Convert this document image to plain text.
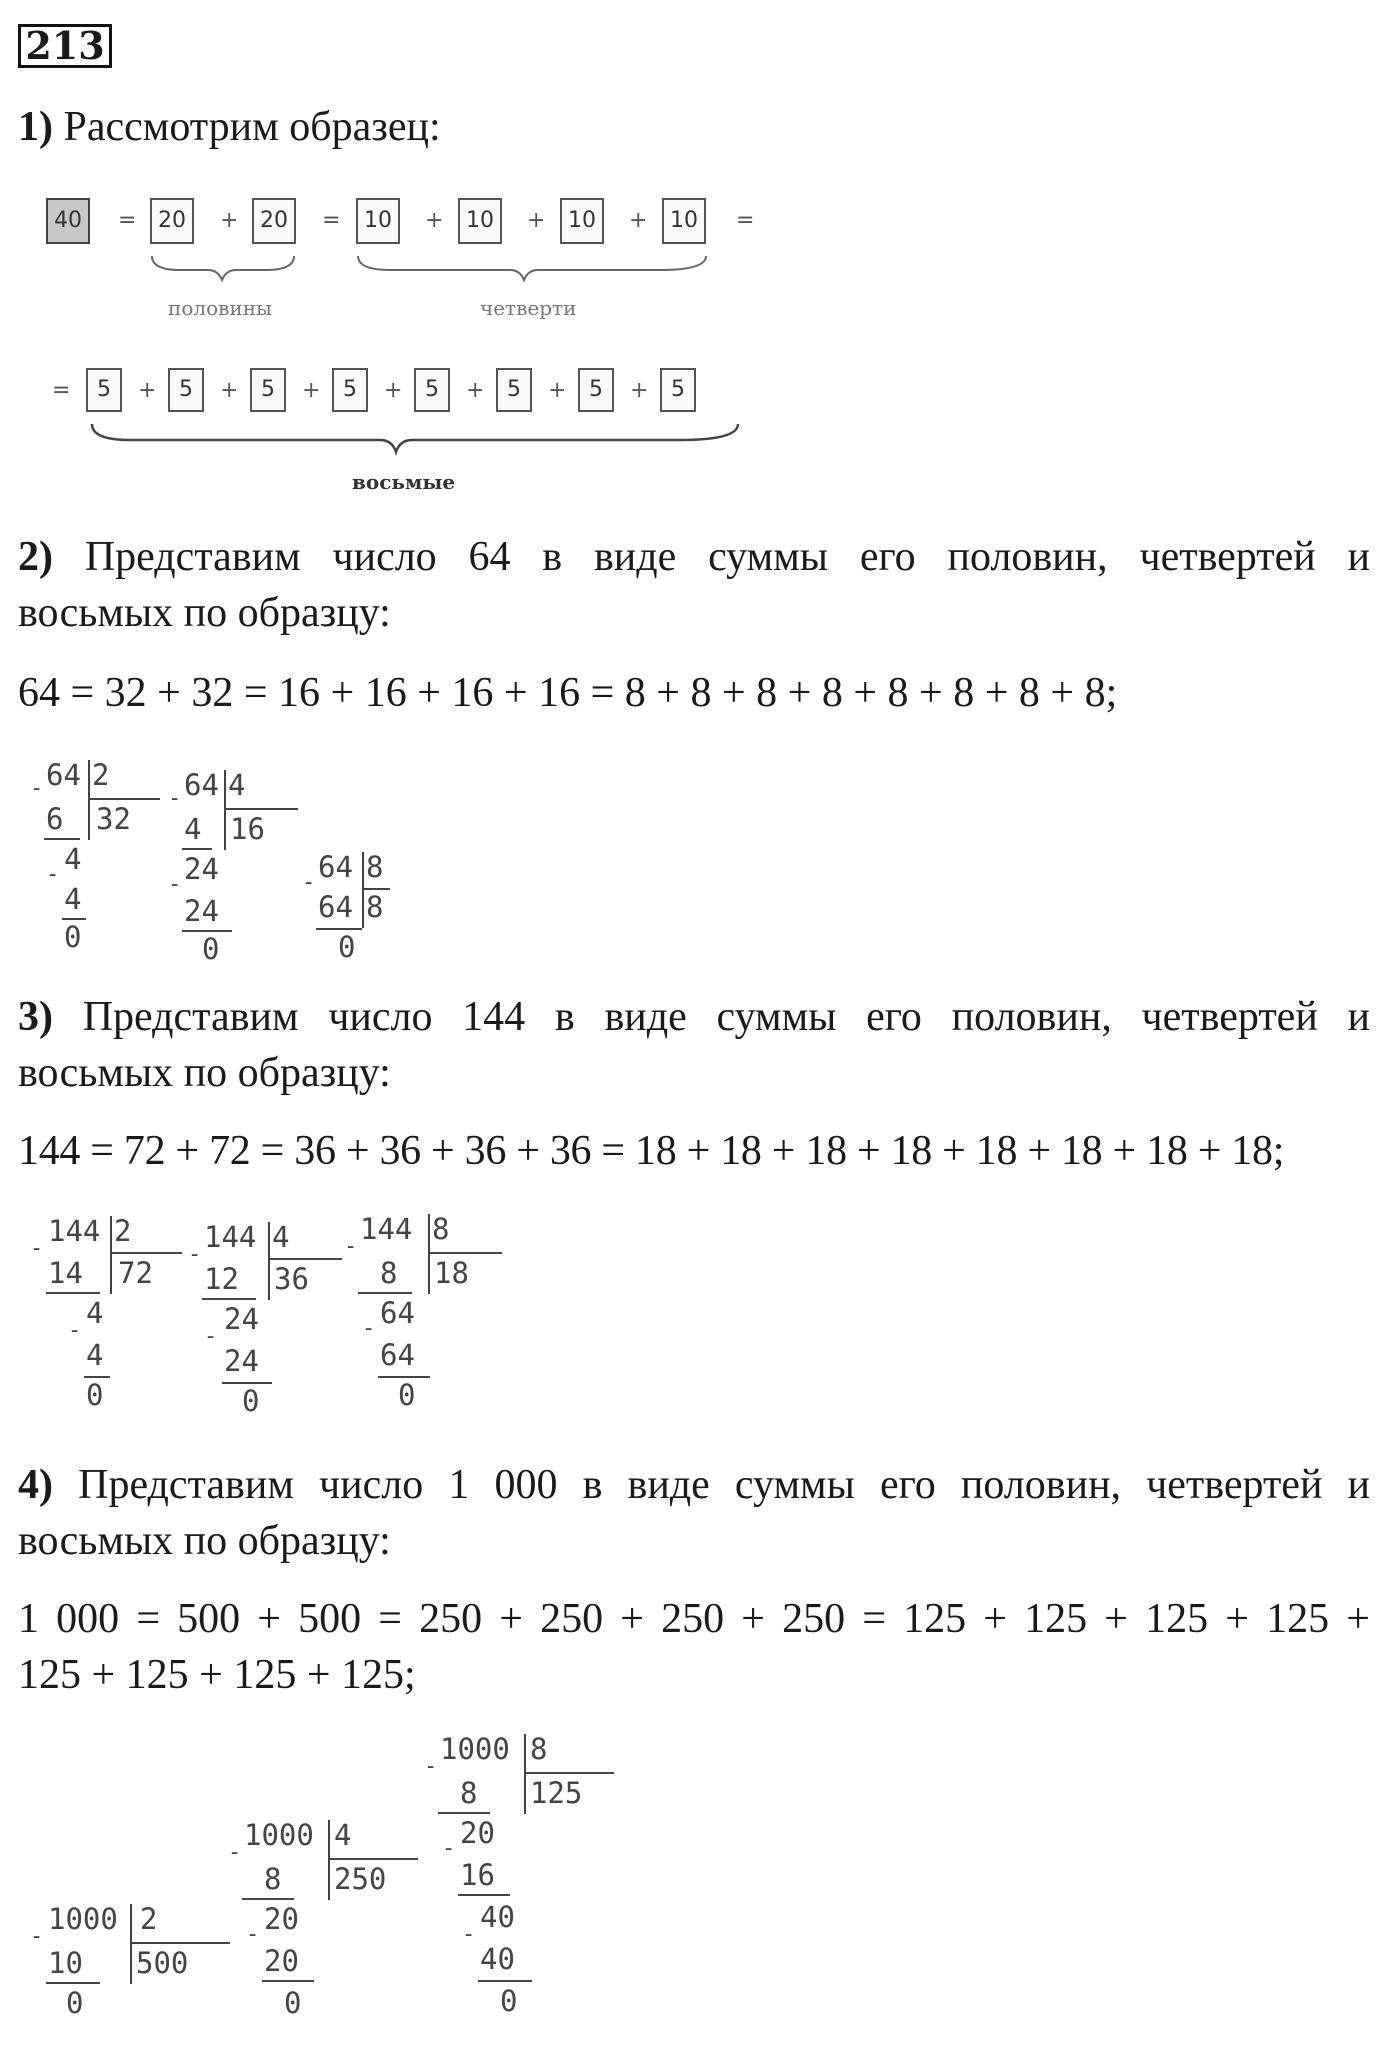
213
1) Рассмотрим образец:
40	= 20	+ 20	=	10	+	10	+	10	+	10	=
половины	четверти
=	5	+	5	+	5	+	5	+	5	+	5	+	5	+	5
восьмые
2) Представим число 64 в виде суммы его половин, четвертей и
восьмых по образцу:
64 = 32 + 32 = 16 + 16 + 16 + 16 = 8 + 8 + 8 + 8 + 8 + 8 + 8 + 8;
64 2
32
-
6
4
-
4
0
64 4
16
-
4
24
-
24
0
64 8
8
-
64
0
3) Представим число 144 в виде суммы его половин, четвертей и
восьмых по образцу:
144 = 72 + 72 = 36 + 36 + 36 + 36 = 18 + 18 + 18 + 18 + 18 + 18 + 18 + 18;
144 2
72
-
14
4
-
4
0
144 4
36
-
12
24
-
24
0
144 8
18
-
8
64
-
64
0
4) Представим число 1 000 в виде суммы его половин, четвертей и
восьмых по образцу:
1 000 = 500 + 500 = 250 + 250 + 250 + 250 = 125 + 125 + 125 + 125 +
125 + 125 + 125 + 125;
1000 8
125
-
8
20
-
16
40
-
40
0
1000 4
250
-
8
20
-
20
0
1000 2
500
-
10
0
